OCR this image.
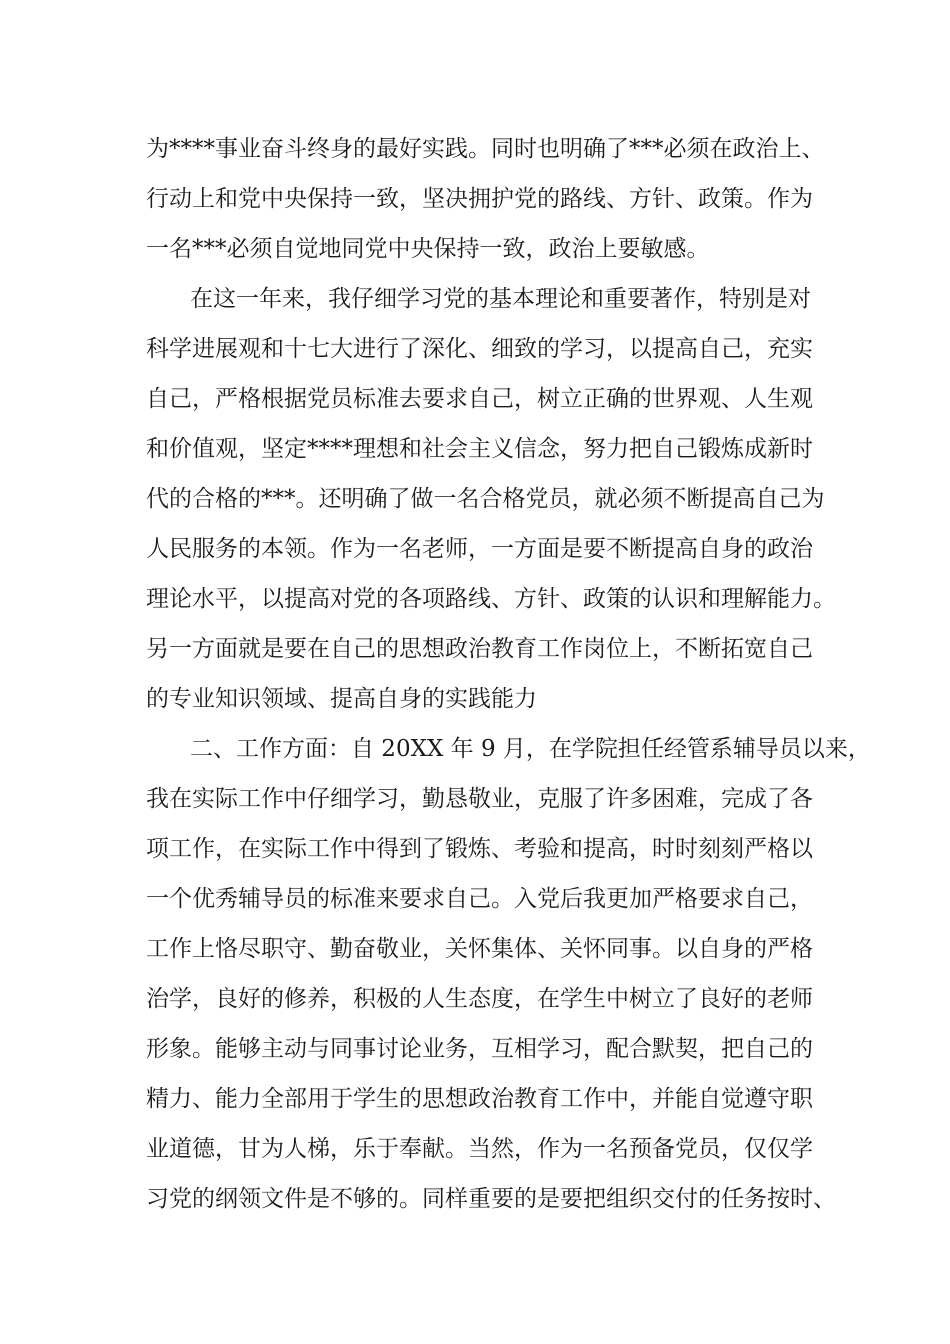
为****事业奋斗终身的最好实践。同时也明确了***必须在政治上、
行动上和党中央保持一致，坚决拥护党的路线、方针、政策。作为
一名***必须自觉地同党中央保持一致，政治上要敏感。
在这一年来，我仔细学习党的基本理论和重要著作，特别是对
科学进展观和十七大进行了深化、细致的学习，以提高自己，充实
自己，严格根据党员标准去要求自己，树立正确的世界观、人生观
和价值观，坚定****理想和社会主义信念，努力把自己锻炼成新时
代的合格的***。还明确了做一名合格党员，就必须不断提高自己为
人民服务的本领。作为一名老师，一方面是要不断提高自身的政治
理论水平，以提高对党的各项路线、方针、政策的认识和理解能力。
另一方面就是要在自己的思想政治教育工作岗位上，不断拓宽自己
的专业知识领域、提高自身的实践能力
二、工作方面：自 20XX 年 9 月，在学院担任经管系辅导员以来，
我在实际工作中仔细学习，勤恳敬业，克服了许多困难，完成了各
项工作，在实际工作中得到了锻炼、考验和提高，时时刻刻严格以
一个优秀辅导员的标准来要求自己。入党后我更加严格要求自己，
工作上恪尽职守、勤奋敬业，关怀集体、关怀同事。以自身的严格
治学，良好的修养，积极的人生态度，在学生中树立了良好的老师
形象。能够主动与同事讨论业务，互相学习，配合默契，把自己的
精力、能力全部用于学生的思想政治教育工作中，并能自觉遵守职
业道德，甘为人梯，乐于奉献。当然，作为一名预备党员，仅仅学
习党的纲领文件是不够的。同样重要的是要把组织交付的任务按时、
